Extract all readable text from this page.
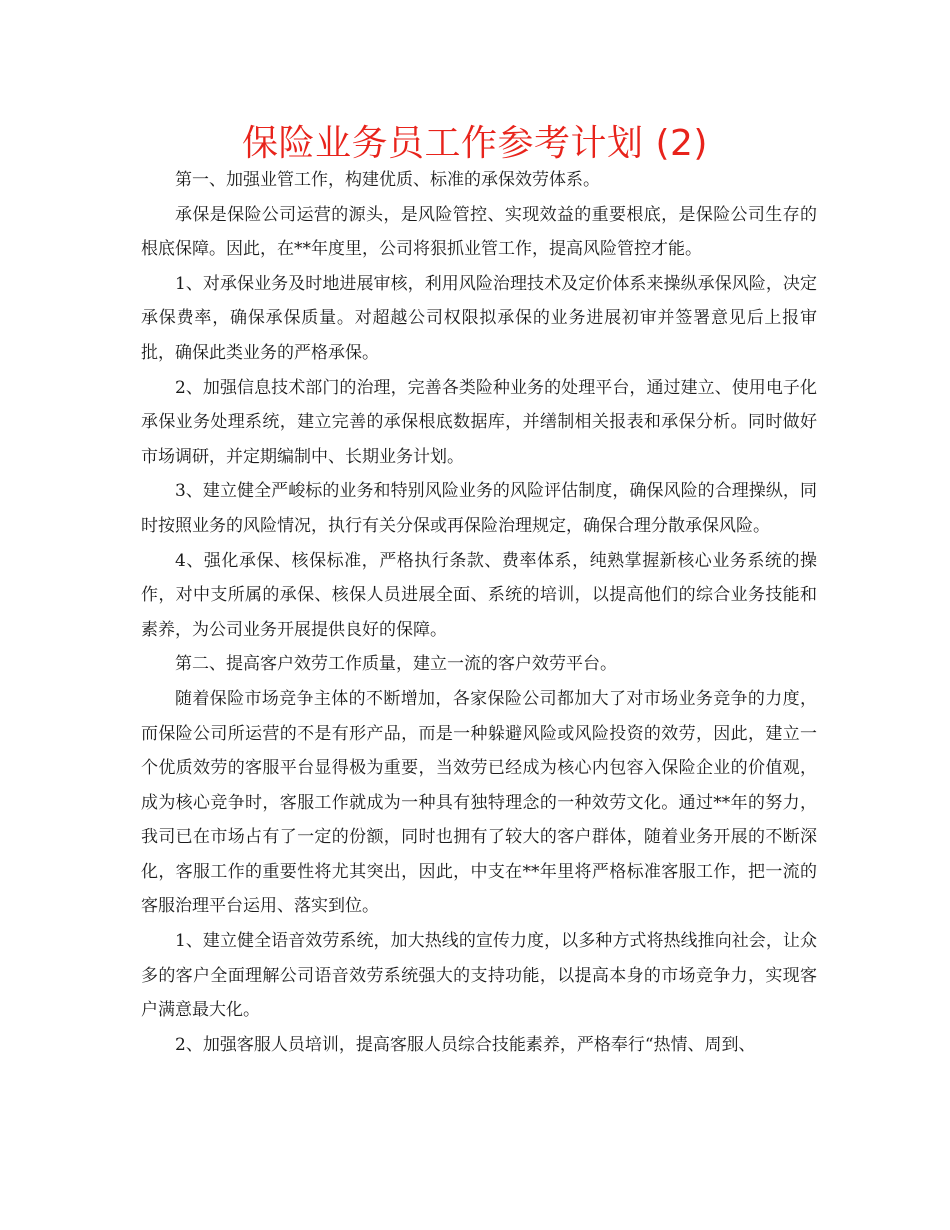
保险业务员工作参考计划 (2)

第一、加强业管工作，构建优质、标准的承保效劳体系。

承保是保险公司运营的源头，是风险管控、实现效益的重要根底，是保险公司生存的根底保障。因此，在**年度里，公司将狠抓业管工作，提高风险管控才能。

1、对承保业务及时地进展审核，利用风险治理技术及定价体系来操纵承保风险，决定承保费率，确保承保质量。对超越公司权限拟承保的业务进展初审并签署意见后上报审批，确保此类业务的严格承保。

2、加强信息技术部门的治理，完善各类险种业务的处理平台，通过建立、使用电子化承保业务处理系统，建立完善的承保根底数据库，并缮制相关报表和承保分析。同时做好市场调研，并定期编制中、长期业务计划。

3、建立健全严峻标的业务和特别风险业务的风险评估制度，确保风险的合理操纵，同时按照业务的风险情况，执行有关分保或再保险治理规定，确保合理分散承保风险。

4、强化承保、核保标准，严格执行条款、费率体系，纯熟掌握新核心业务系统的操作，对中支所属的承保、核保人员进展全面、系统的培训，以提高他们的综合业务技能和素养，为公司业务开展提供良好的保障。

第二、提高客户效劳工作质量，建立一流的客户效劳平台。

随着保险市场竞争主体的不断增加，各家保险公司都加大了对市场业务竞争的力度，而保险公司所运营的不是有形产品，而是一种躲避风险或风险投资的效劳，因此，建立一个优质效劳的客服平台显得极为重要，当效劳已经成为核心内包容入保险企业的价值观，成为核心竞争时，客服工作就成为一种具有独特理念的一种效劳文化。通过**年的努力，我司已在市场占有了一定的份额，同时也拥有了较大的客户群体，随着业务开展的不断深化，客服工作的重要性将尤其突出，因此，中支在**年里将严格标准客服工作，把一流的客服治理平台运用、落实到位。

1、建立健全语音效劳系统，加大热线的宣传力度，以多种方式将热线推向社会，让众多的客户全面理解公司语音效劳系统强大的支持功能，以提高本身的市场竞争力，实现客户满意最大化。

2、加强客服人员培训，提高客服人员综合技能素养，严格奉行“热情、周到、
